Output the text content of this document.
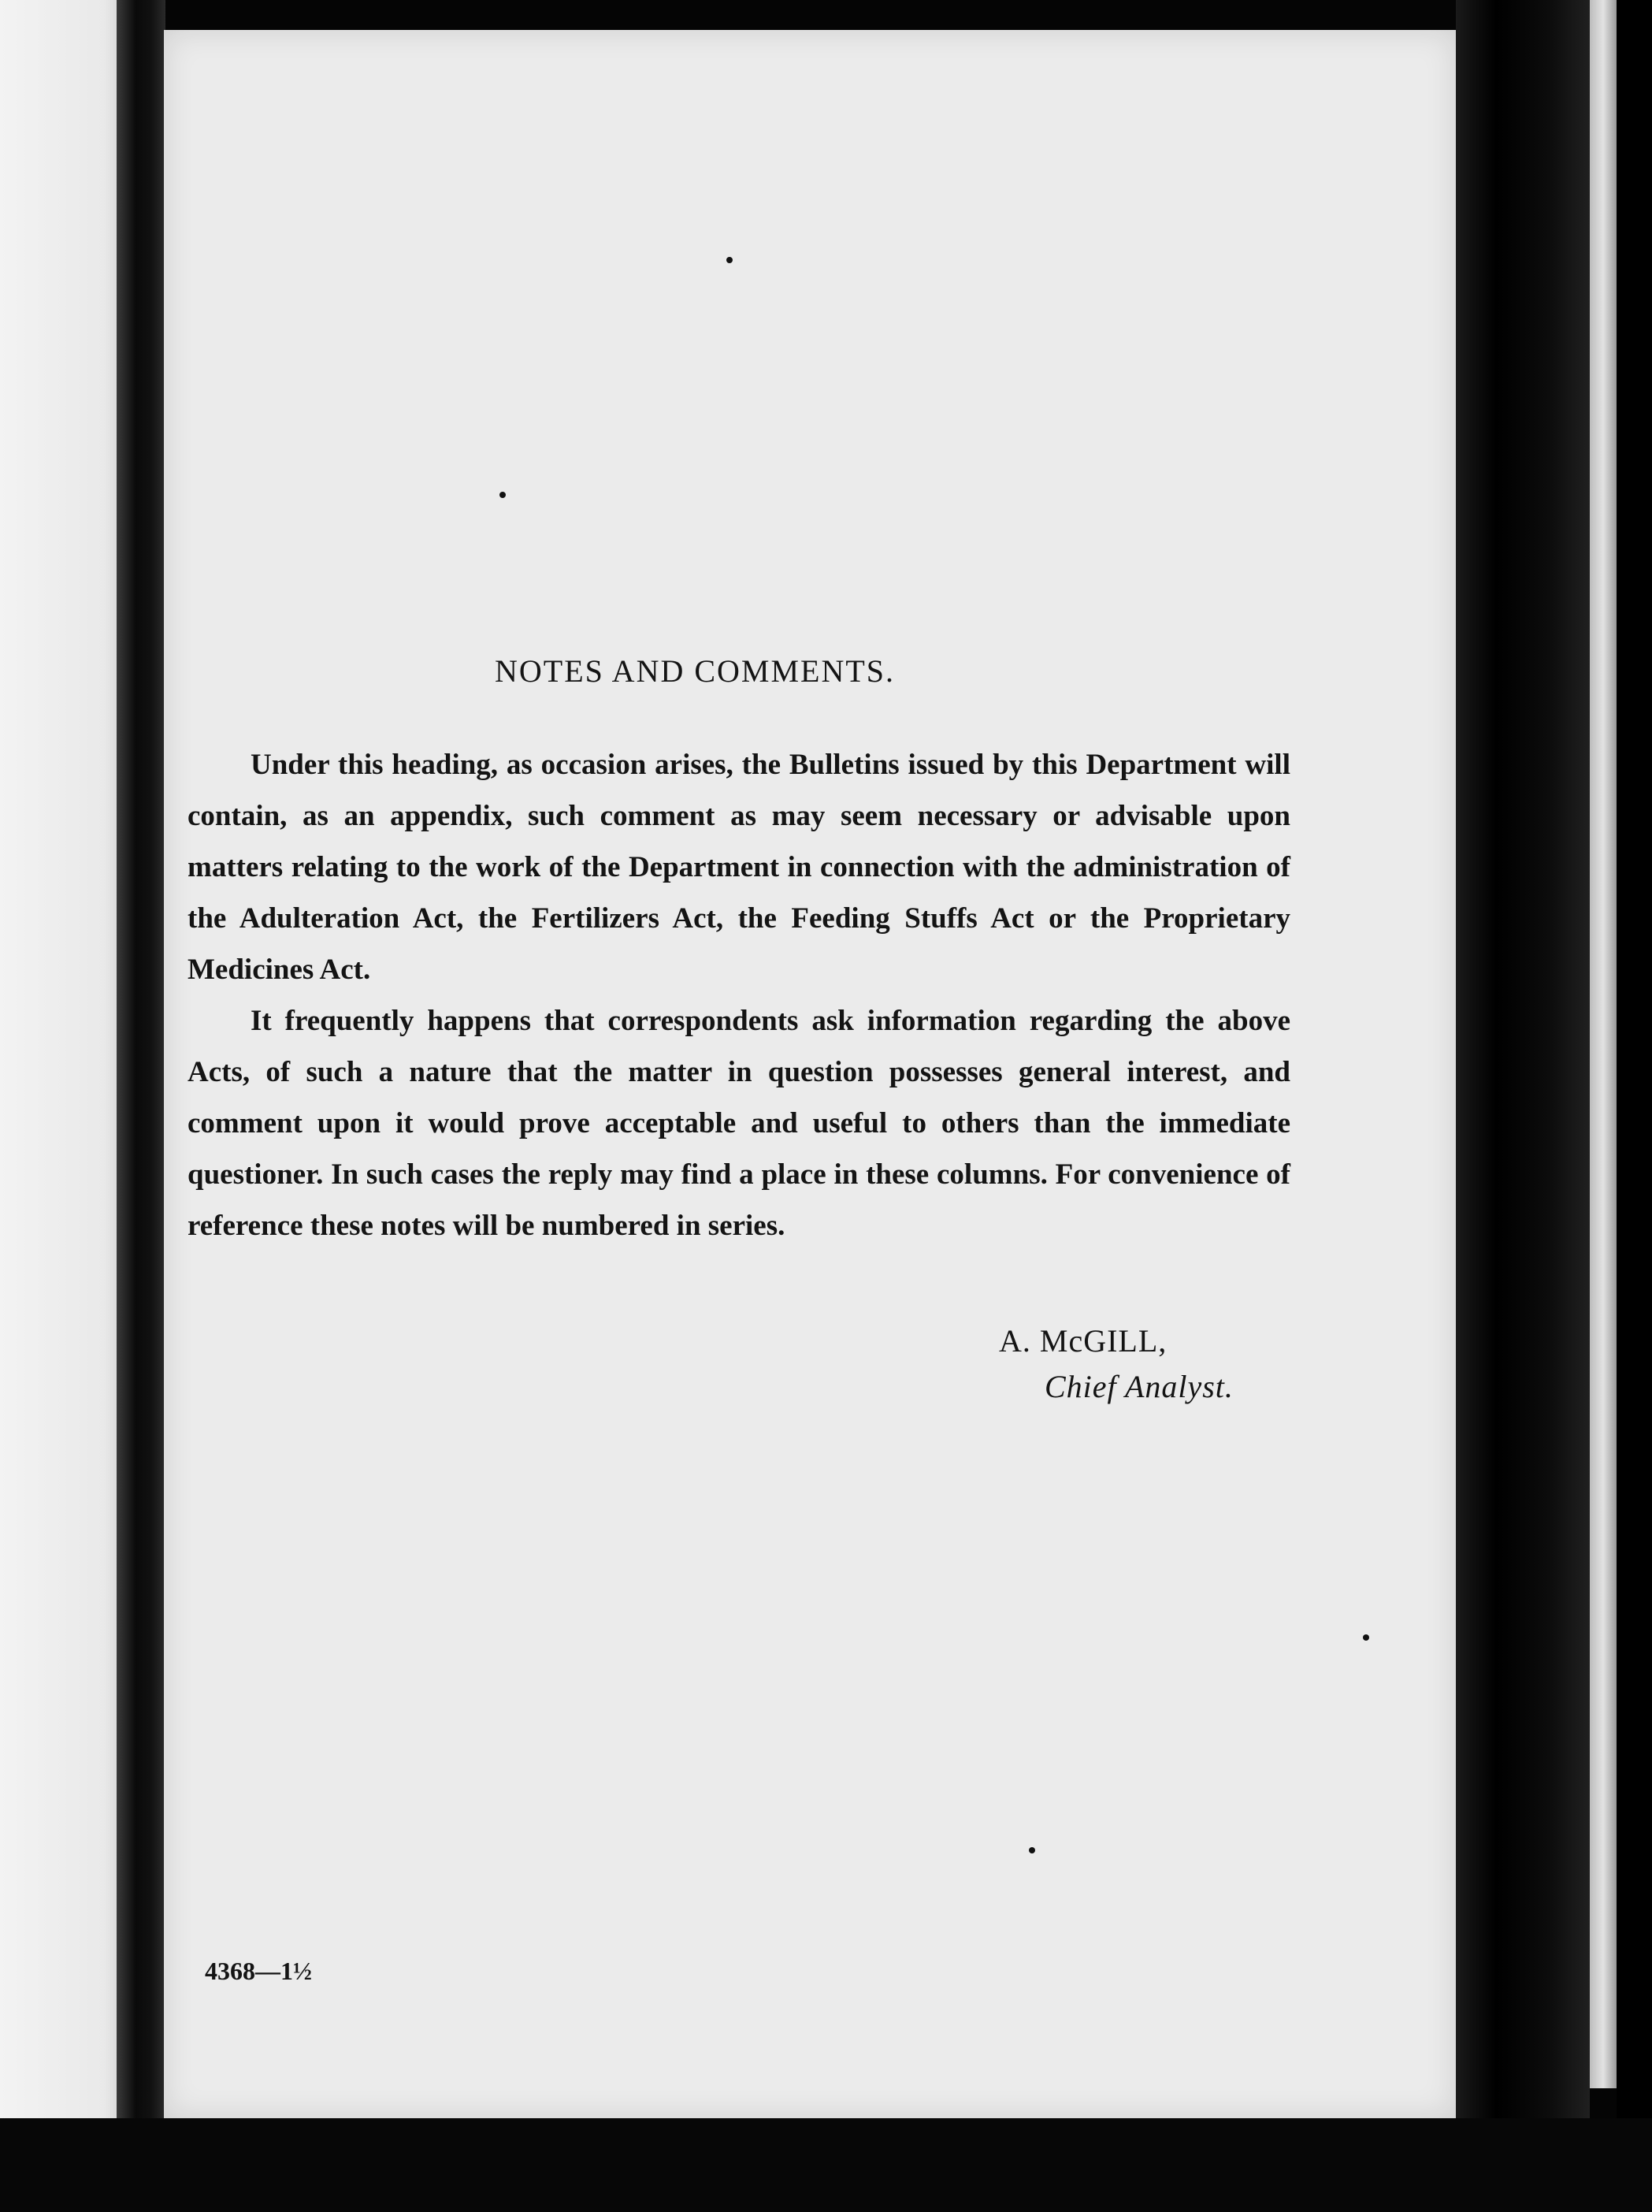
NOTES AND COMMENTS.

Under this heading, as occasion arises, the Bulletins issued by this Department will contain, as an appendix, such comment as may seem necessary or advisable upon matters relating to the work of the Department in connection with the administration of the Adulteration Act, the Fertilizers Act, the Feeding Stuffs Act or the Proprietary Medicines Act.

It frequently happens that correspondents ask information regarding the above Acts, of such a nature that the matter in question possesses general interest, and comment upon it would prove acceptable and useful to others than the immediate questioner. In such cases the reply may find a place in these columns. For convenience of reference these notes will be numbered in series.

A. McGILL,
Chief Analyst.
4368—1½
